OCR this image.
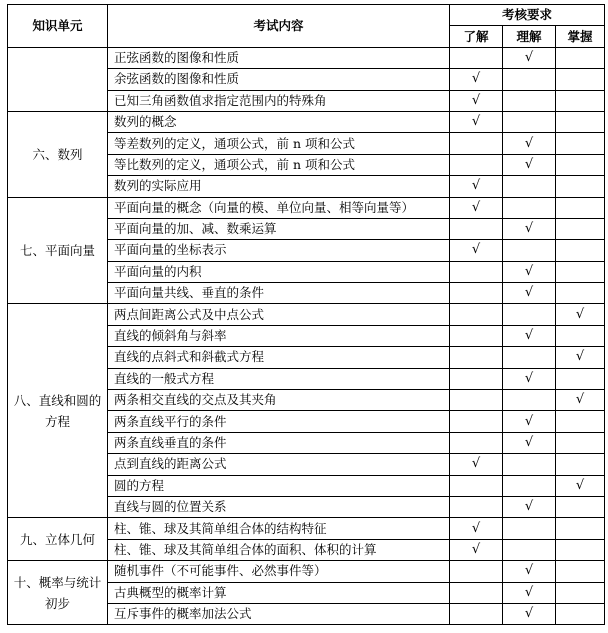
知识单元	考试内容	考核要求		
		了解	理解	掌握
	正弦函数的图像和性质		√	
	余弦函数的图像和性质	√		
	已知三角函数值求指定范围内的特殊角	√		
六、数列	数列的概念	√		
	等差数列的定义，通项公式，前 n 项和公式		√	
	等比数列的定义，通项公式，前 n 项和公式		√	
	数列的实际应用	√		
七、平面向量	平面向量的概念（向量的模、单位向量、相等向量等）	√		
	平面向量的加、减、数乘运算		√	
	平面向量的坐标表示	√		
	平面向量的内积		√	
	平面向量共线、垂直的条件		√	
八、直线和圆的方程	两点间距离公式及中点公式			√
	直线的倾斜角与斜率		√	
	直线的点斜式和斜截式方程			√
	直线的一般式方程		√	
	两条相交直线的交点及其夹角			√
	两条直线平行的条件		√	
	两条直线垂直的条件		√	
	点到直线的距离公式	√		
	圆的方程			√
	直线与圆的位置关系		√	
九、立体几何	柱、锥、球及其简单组合体的结构特征	√		
	柱、锥、球及其简单组合体的面积、体积的计算	√		
十、概率与统计初步	随机事件（不可能事件、必然事件等）		√	
	古典概型的概率计算		√	
	互斥事件的概率加法公式		√	
